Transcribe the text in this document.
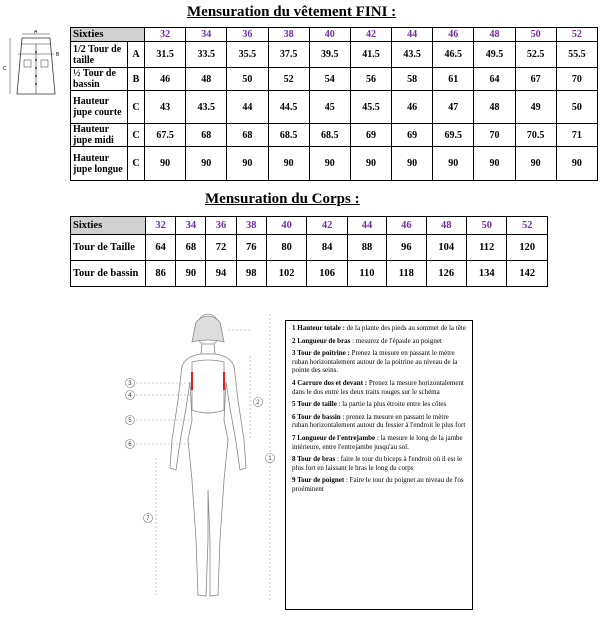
Mensuration du vêtement FINI :
Mensuration du Corps :
A
B
C
Sixties		32	34	36	38	40	42	44	46	48	50	52
1/2 Tour de taille	A	31.5	33.5	35.5	37.5	39.5	41.5	43.5	46.5	49.5	52.5	55.5
½ Tour de bassin	B	46	48	50	52	54	56	58	61	64	67	70
Hauteur jupe courte	C	43	43.5	44	44.5	45	45.5	46	47	48	49	50
Hauteur jupe midi	C	67.5	68	68	68.5	68.5	69	69	69.5	70	70.5	71
Hauteur jupe longue	C	90	90	90	90	90	90	90	90	90	90	90
Sixties	32	34	36	38	40	42	44	46	48	50	52
Tour de Taille	64	68	72	76	80	84	88	96	104	112	120
Tour de bassin	86	90	94	98	102	106	110	118	126	134	142
1
2
3
4
5
6
7

1 Hauteur totale : de la plante des pieds au sommet de la tête

2 Longueur de bras : mesurez de l'épaule au poignet

3 Tour de poitrine : Prenez la mesure en passant le mètre ruban horizontalement autour de la poitrine au niveau de la pointe des seins.

4 Carrure dos et devant : Prenez la mesure horizontalement dans le dos entre les deux traits rouges sur le schéma

5 Tour de taille : la partie la plus étroite entre les côtes

6 Tour de bassin : prenez la mesure en passant le mètre ruban horizontalement autour du fessier à l'endroit le plus fort

7 Longueur de l'entrejambe : la mesure le long de la jambe intérieure, entre l'entrejambe jusqu'au sol.

8 Tour de bras : faire le tour du biceps à l'endroit où il est le plus fort en laissant le bras le long du corps

9 Tour de poignet : Faire le tour du poignet au niveau de l'os proéminent
